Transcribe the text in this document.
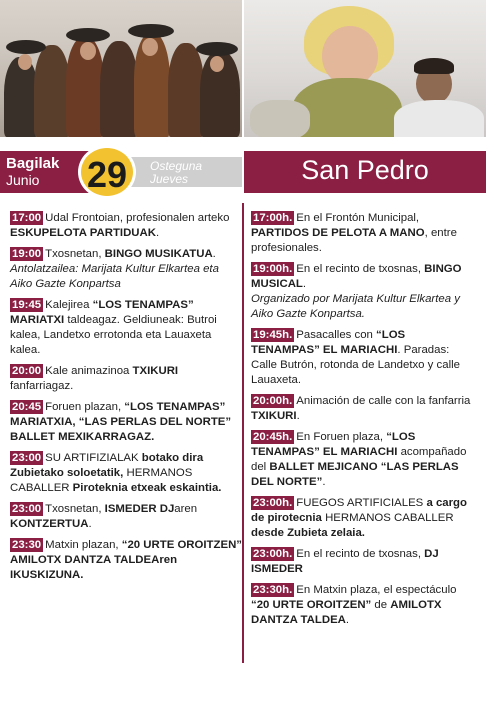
Bagilak
Junio 29	Osteguna
Jueves	San Pedro
17:00 Udal Frontoian, profesionalen arteko ESKUPELOTA PARTIDUAK.
19:00 Txosnetan, BINGO MUSIKATUA.
Antolatzailea: Marijata Kultur Elkartea eta Aiko Gazte Konpartsa
19:45 Kalejirea “LOS TENAMPAS” MARIATXI taldeagaz. Geldiuneak: Butroi kalea, Landetxo errotonda eta Lauaxeta kalea.
20:00 Kale animazinoa TXIKURI fanfarriagaz.
20:45 Foruen plazan, “LOS TENAMPAS” MARIATXIA, “LAS PERLAS DEL NORTE” BALLET MEXIKARRAGAZ.
23:00 SU ARTIFIZIALAK botako dira Zubietako soloetatik, HERMANOS CABALLER Piroteknia etxeak eskaintia.
23:00 Txosnetan, ISMEDER DJaren KONTZERTUA.
23:30 Matxin plazan, “20 URTE OROITZEN” AMILOTX DANTZA TALDEAren IKUSKIZUNA.
17:00h. En el Frontón Municipal, PARTIDOS DE PELOTA A MANO, entre profesionales.
19:00h. En el recinto de txosnas, BINGO MUSICAL.
Organizado por Marijata Kultur Elkartea y Aiko Gazte Konpartsa.
19:45h. Pasacalles con “LOS TENAMPAS” EL MARIACHI. Paradas: Calle Butrón, rotonda de Landetxo y calle Lauaxeta.
20:00h. Animación de calle con la fanfarria TXIKURI.
20:45h. En Foruen plaza, “LOS TENAMPAS” EL MARIACHI acompañado del BALLET MEJICANO “LAS PERLAS DEL NORTE”.
23:00h. FUEGOS ARTIFICIALES a cargo de pirotecnia HERMANOS CABALLER desde Zubieta zelaia.
23:00h. En el recinto de txosnas, DJ ISMEDER
23:30h. En Matxin plaza, el espectáculo “20 URTE OROITZEN” de AMILOTX DANTZA TALDEA.
